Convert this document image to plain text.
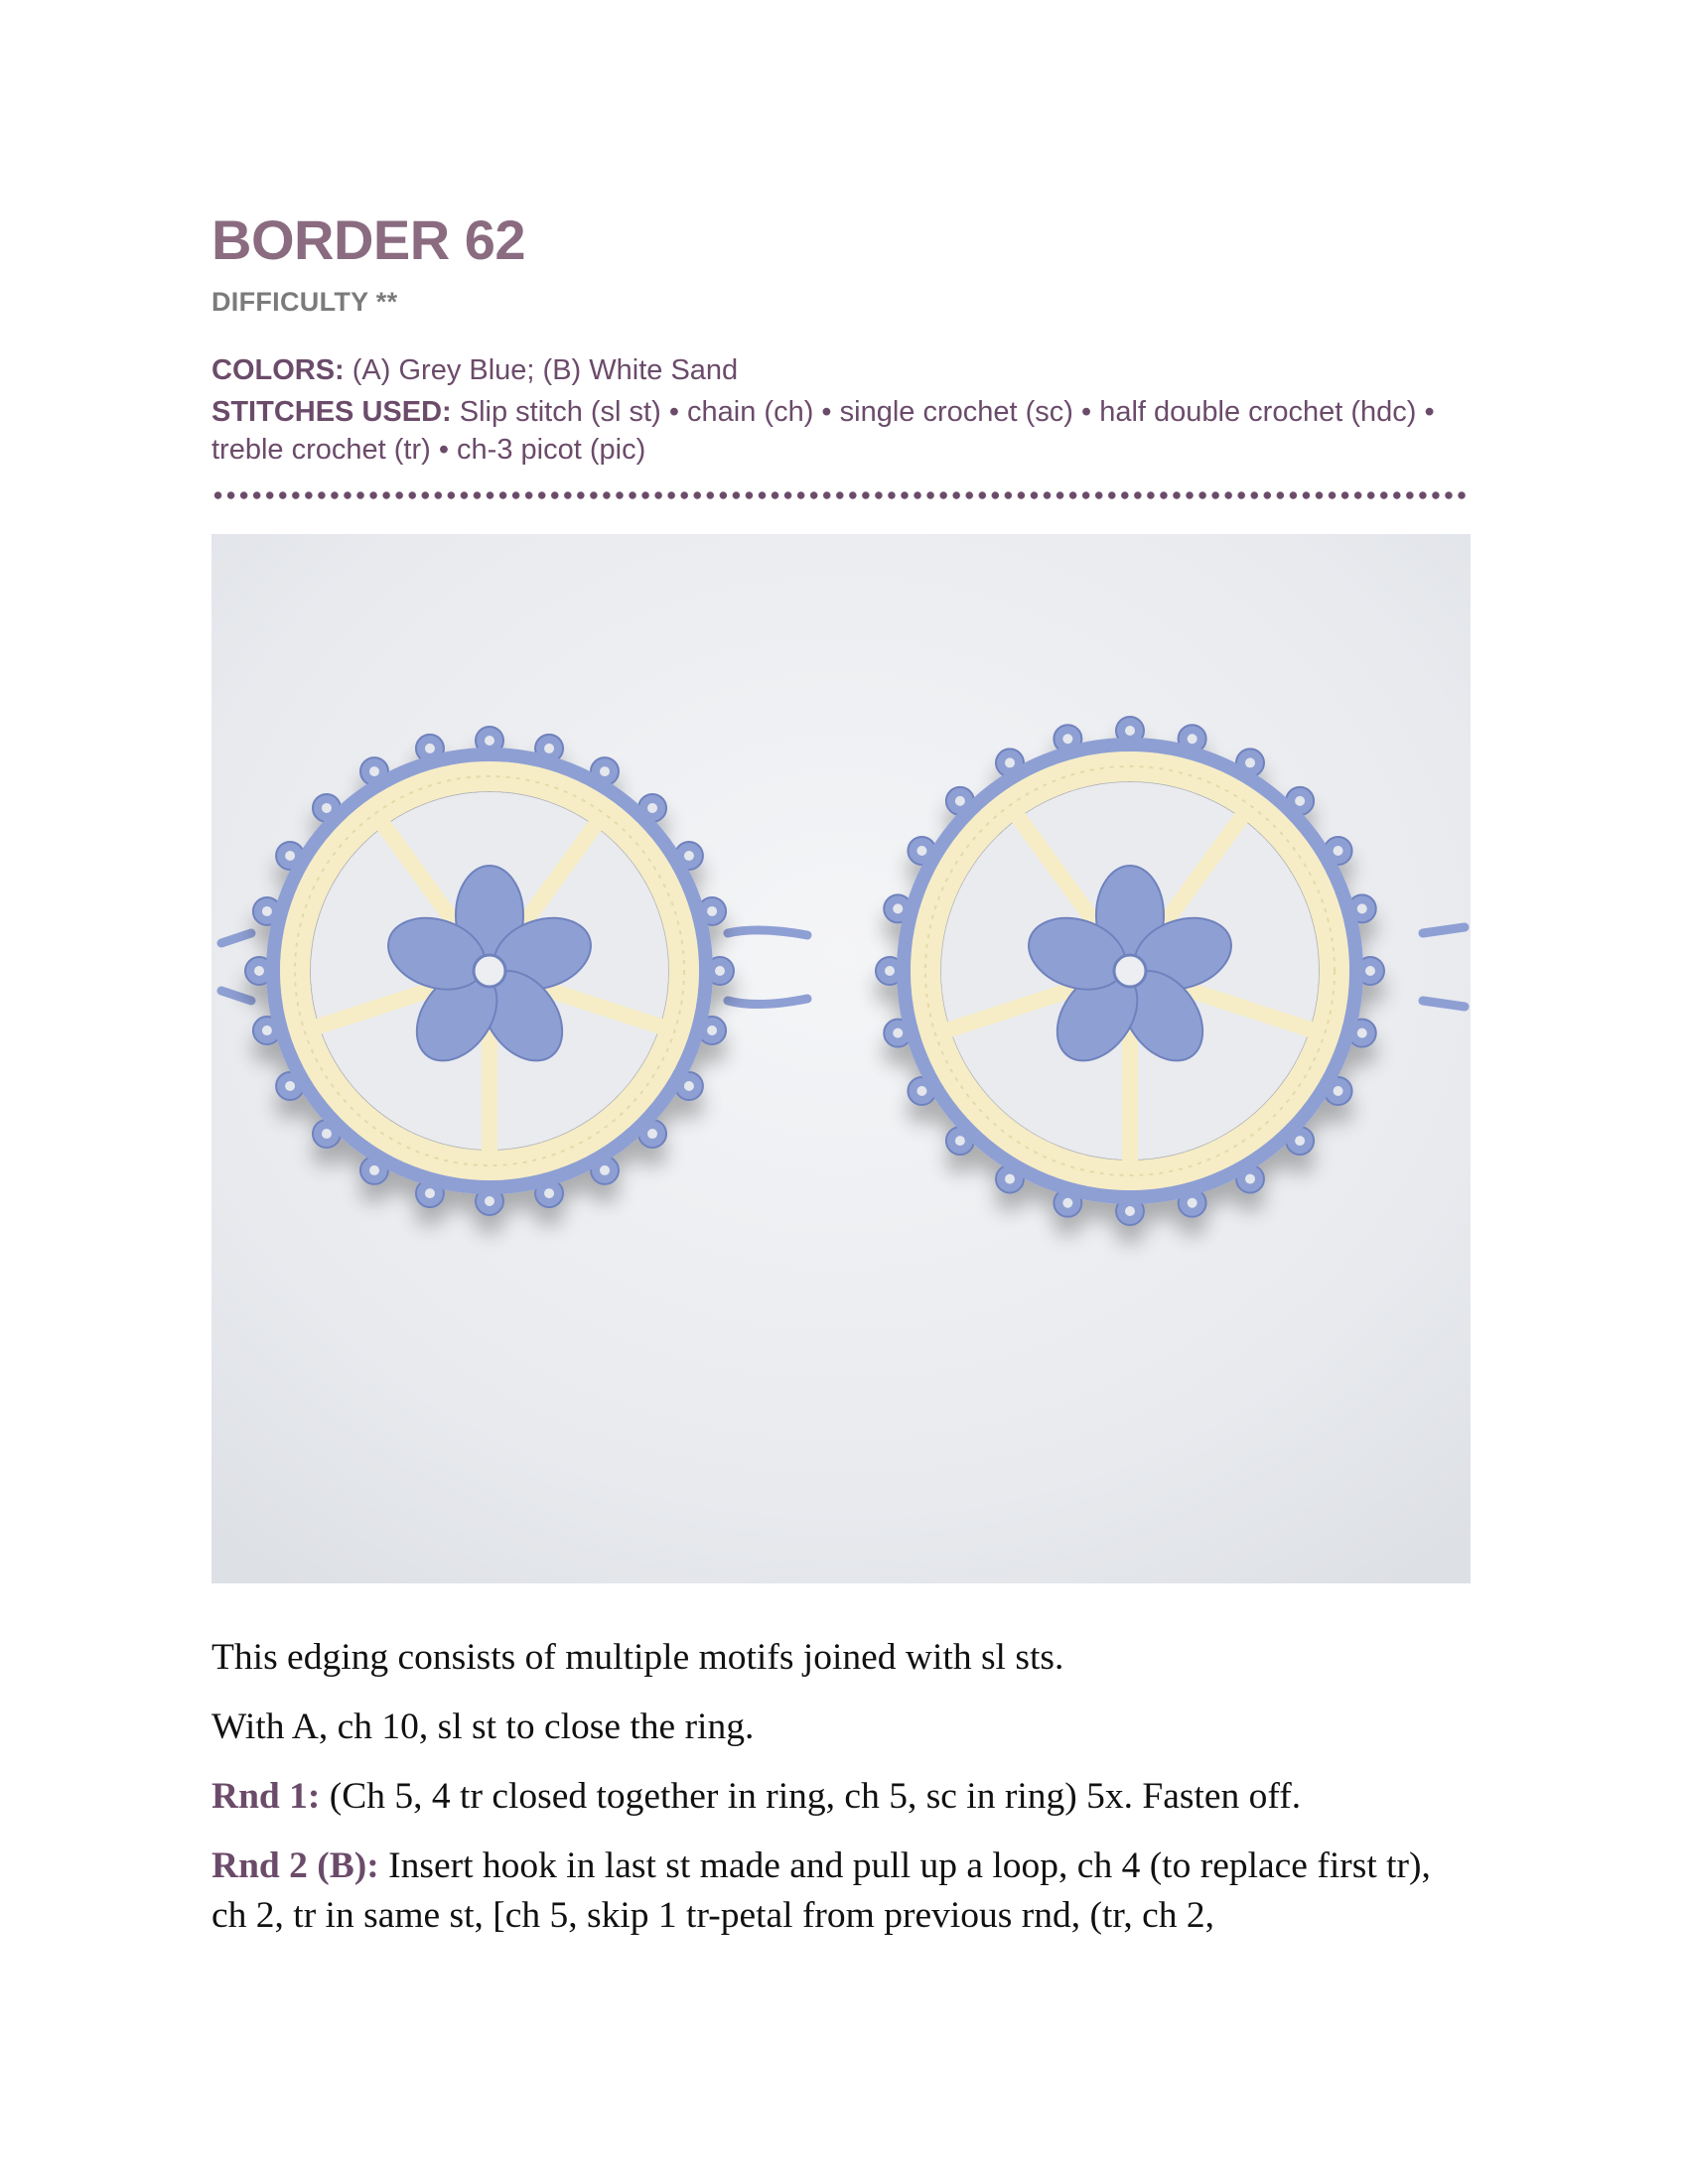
BORDER 62
DIFFICULTY **
COLORS: (A) Grey Blue; (B) White Sand
STITCHES USED: Slip stitch (sl st) • chain (ch) • single crochet (sc) • half double crochet (hdc) • treble crochet (tr) • ch-3 picot (pic)

This edging consists of multiple motifs joined with sl sts.

With A, ch 10, sl st to close the ring.

Rnd 1: (Ch 5, 4 tr closed together in ring, ch 5, sc in ring) 5x. Fasten off.

Rnd 2 (B): Insert hook in last st made and pull up a loop, ch 4 (to replace first tr), ch 2, tr in same st, [ch 5, skip 1 tr-petal from previous rnd, (tr, ch 2,
